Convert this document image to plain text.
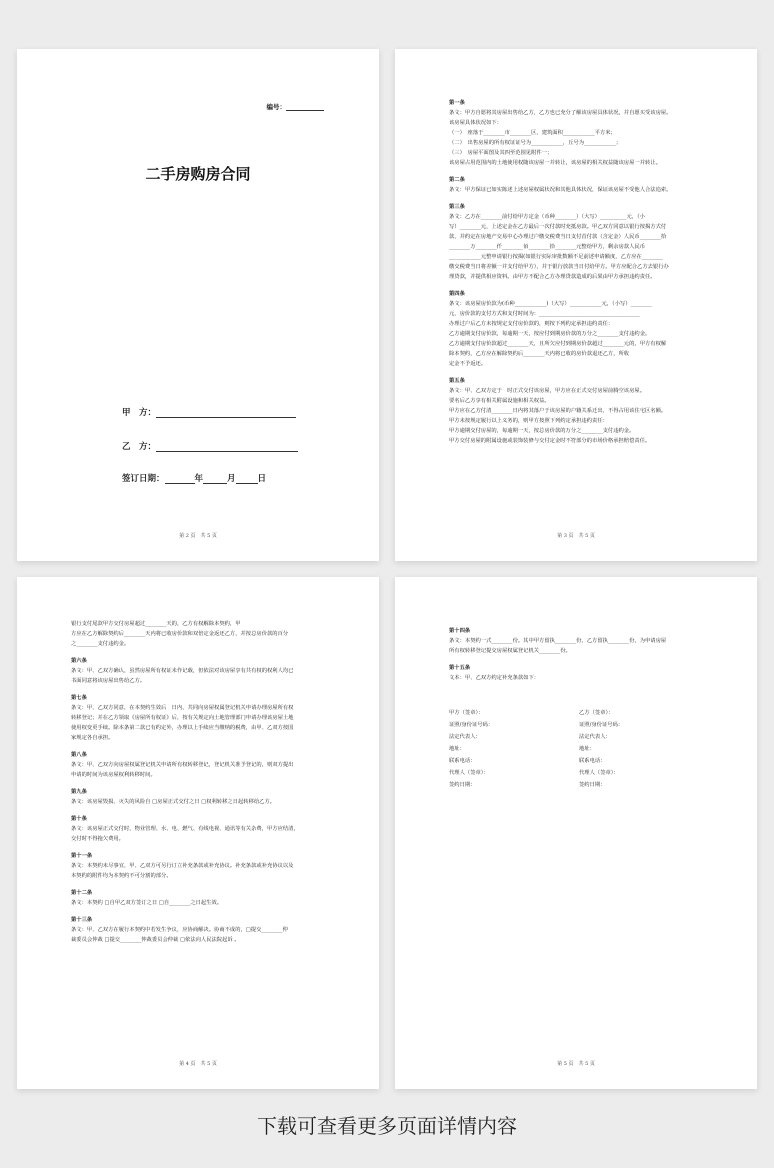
编号：
二手房购房合同
甲　方：
乙　方：
签订日期：	年	月	日
第 2 页　共 5 页
第一条
条文：甲方自愿将其房屋出售给乙方，乙方也已充分了解该房屋具体状况，并自愿买受该房屋。
该房屋具体状况如下：
（一）　座落于________市________区，建筑面积____________平方米；
（二）　出售房屋的所有权证证号为____________，丘号为____________；
（三）　房屋平面图及其四至范围见附件一；
该房屋占用范围内的土地使用权随该房屋一并转让，该房屋的相关权益随该房屋一并转让。
第二条
条文：甲方保证已如实陈述上述房屋权属状况和其他具体状况，保证该房屋不受他人合法追索。
第三条
条文：乙方在________前付给甲方定金（币种________）（大写）__________元，（小
写）________元，上述定金在乙方最后一次付款时充抵房款。甲乙双方同意以银行按揭方式付
款，并约定在房地产交易中心办理过户缴交税费当日支付首付款（含定金）人民币________拾
________万________仟________佰________拾________元整给甲方，剩余房款人民币
____________元整申请银行按揭(如银行实际审批数额不足前述申请额度，乙方应在________
缴交税费当日将差额一并支付给甲方），并于银行放款当日付给甲方。甲方应配合乙方去银行办
理贷款，并提供相应资料。由甲方不配合乙方办理贷款造成的后果由甲方承担违约责任。
第四条
条文：该房屋房价款为(币种____________)（大写）____________元，（小写）________
元，房价款的支付方式和支付时间为：______________________________________
办理过户后乙方未按规定支付房价款的，则按下列约定承担违约责任：
乙方逾期支付房价款，每逾期一天，按应付到期房价款的万分之________支付违约金。
乙方逾期支付房价款超过________天，且所欠应付到期房价款超过________元的，甲方有权解
除本契约，乙方应在解除契约后________天内将已收的房价款退还乙方，所收
定金不予返还。
第五条
条文：甲、乙双方定于　时正式交付该房屋，甲方应在正式交付房屋前腾空该房屋。
要名后乙方享有相关附属设施和相关权益。
甲方应在乙方付清________日内将其落户于该房屋的户籍关系迁出，不得占用该住宅区名额。
甲方未按规定履行以上义务的，则甲方按照下列约定承担违约责任：
甲方逾期交付房屋的，每逾期一天，按总房价款的万分之________支付违约金。
甲方交付房屋的附属设施或装饰装修与交付定金时不符部分的市场价格承担赔偿责任。
第 3 页　共 5 页
银行支付尾款甲方交付房屋超过________天的，乙方有权解除本契约，甲
方应在乙方解除契约后________天内将已收房价款和双倍定金返还乙方，并按总房价款的百分
之________支付违约金。
第六条
条文：甲、乙双方确认，虽然房屋所有权证未作记载，但依法对该房屋享有共有权的权利人均已
书面同意将该房屋出售给乙方。
第七条
条文：甲、乙双方同意，在本契约生效后　日内，共同向房屋权属登记机关申请办理房屋所有权
转移登记；并在乙方领取《房屋所有权证》后，按有关规定向土地管理部门申请办理该房屋土地
使用权变更手续。除本条第二款已有约定外，办理以上手续应当缴纳的税费，由甲、乙双方按国
家规定各自承担。
第八条
条文：甲、乙双方向房屋权属登记机关申请所有权转移登记，登记机关准予登记的，则双方提出
申请的时间为该房屋权利转移时间。
第九条
条文：该房屋毁损、灭失的风险自 □房屋正式交付之日 □权利转移之日起转移给乙方。
第十条
条文：该房屋正式交付时，物业管理、水、电、燃气、有线电视、通讯等有关杂费，甲方应结清，
交付时不得拖欠费用。
第十一条
条文：本契约未尽事宜，甲、乙双方可另行订立补充条款或补充协议。补充条款或补充协议以及
本契约的附件均为本契约不可分割的部分。
第十二条
条文：本契约 □自甲乙双方签订之日 □自________之日起生效。
第十三条
条文：甲、乙双方在履行本契约中若发生争议，应协商解决。协商不成的，□提交________仲
裁委员会仲裁 □提交________仲裁委员会仲裁 □依法向人民法院起诉 。
第 4 页　共 5 页
第十四条
条文：本契约一式________份。其中甲方留执________份，乙方留执________份，为申请房屋
所有权转移登记提交房屋权属登记机关________份。
第十五条
文本：甲、乙双方约定补充条款如下：
甲方（签章）：	乙方（签章）：
证照/身份证号码：	证照/身份证号码：
法定代表人：	法定代表人：
地址：	地址：
联系电话：	联系电话：
代理人（签章）：	代理人（签章）：
签约日期：	签约日期：
第 5 页　共 5 页
下载可查看更多页面详情内容
